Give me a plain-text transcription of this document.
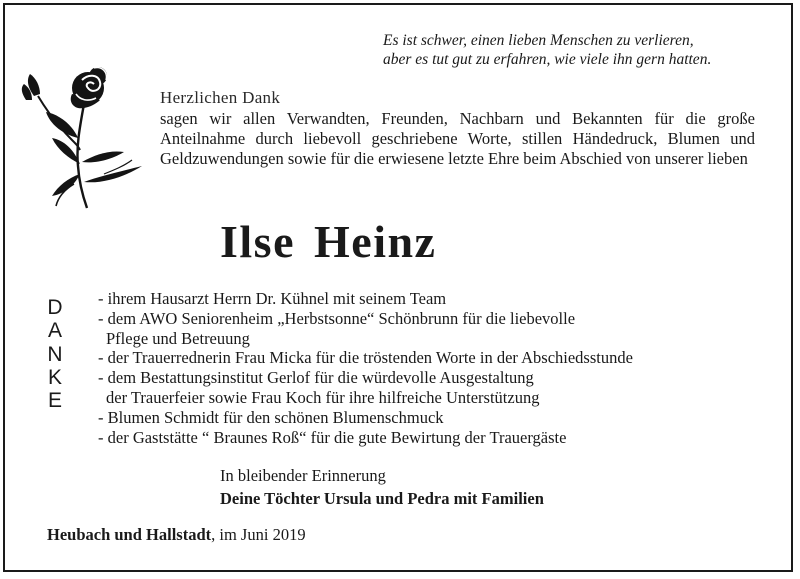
Es ist schwer, einen lieben Menschen zu verlieren,
aber es tut gut zu erfahren, wie viele ihn gern hatten.
Herzlichen Dank
sagen wir allen Verwandten, Freunden, Nachbarn und Bekannten für die große Anteilnahme durch liebevoll geschriebene Worte, stillen Händedruck, Blumen und Geldzuwendungen sowie für die erwiesene letzte Ehre beim Abschied von unserer lieben
Ilse Heinz
D
A
N
K
E
- ihrem Hausarzt Herrn Dr. Kühnel mit seinem Team
- dem AWO Seniorenheim „Herbstsonne“ Schönbrunn für die liebevolle
Pflege und Betreuung
- der Trauerrednerin Frau Micka für die tröstenden Worte in der Abschiedsstunde
- dem Bestattungsinstitut Gerlof für die würdevolle Ausgestaltung
der Trauerfeier sowie Frau Koch für ihre hilfreiche Unterstützung
- Blumen Schmidt für den schönen Blumenschmuck
- der Gaststätte “ Braunes Roß“ für die gute Bewirtung der Trauergäste
In bleibender Erinnerung
Deine Töchter Ursula und Pedra mit Familien
Heubach und Hallstadt, im Juni 2019
